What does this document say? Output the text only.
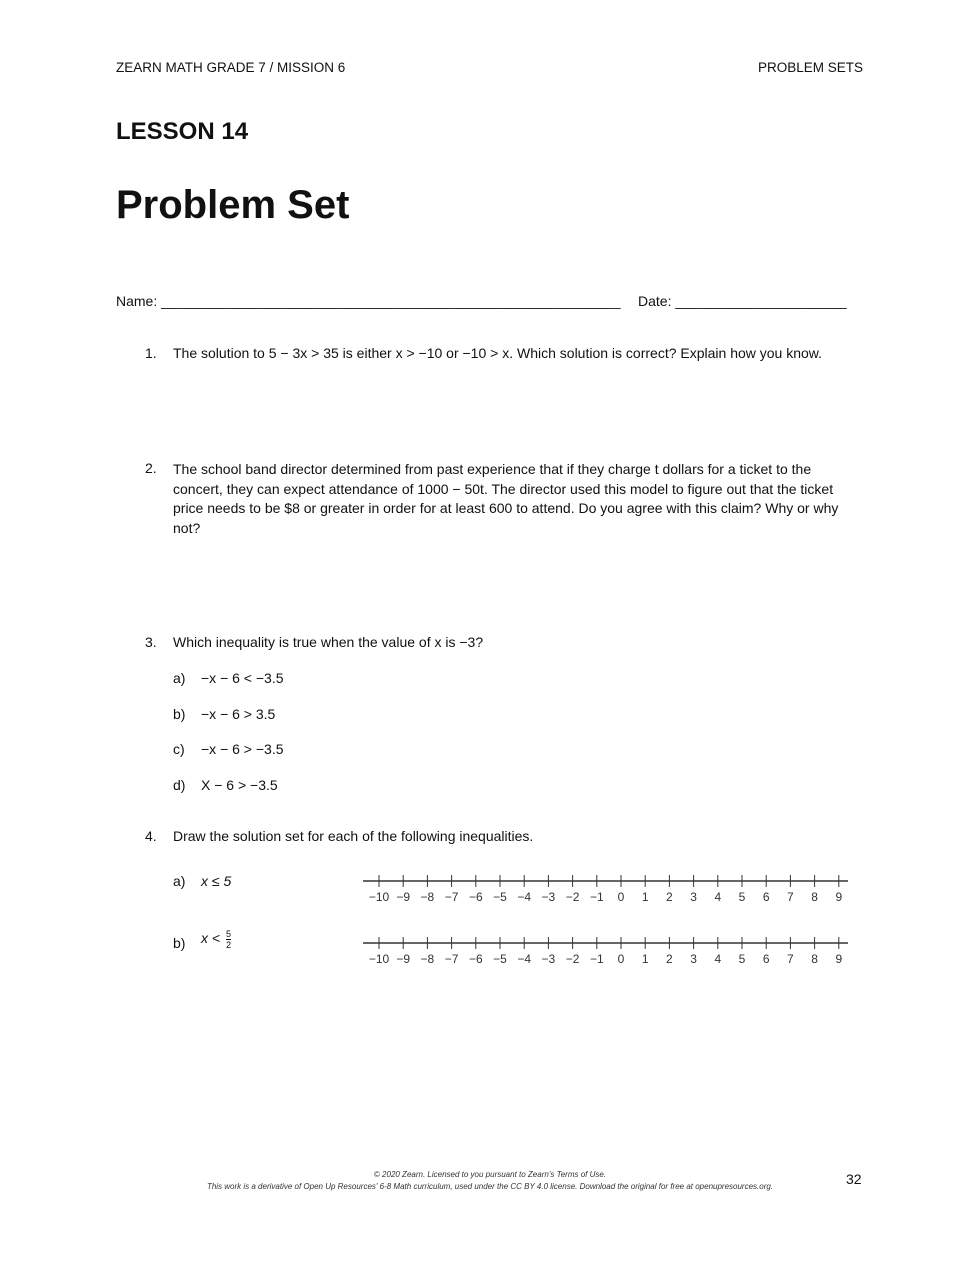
ZEARN MATH GRADE 7 / MISSION 6	PROBLEM SETS
LESSON 14
Problem Set
Name: ___________________________________________________________ Date: ______________________
1. The solution to 5 − 3x > 35 is either x > −10 or −10 > x. Which solution is correct? Explain how you know.
2. The school band director determined from past experience that if they charge t dollars for a ticket to the concert, they can expect attendance of 1000 − 50t. The director used this model to figure out that the ticket price needs to be $8 or greater in order for at least 600 to attend. Do you agree with this claim? Why or why not?
3. Which inequality is true when the value of x is −3?
a) −x − 6 < −3.5
b) −x − 6 > 3.5
c) −x − 6 > −3.5
d) X − 6 > −3.5
4. Draw the solution set for each of the following inequalities.
a) x ≤ 5
b) $x < \frac{5}{2}$
−10 −9 −8 −7 −6 −5 −4 −3 −2 −1 0 1 2 3 4 5 6 7 8 9
−10 −9 −8 −7 −6 −5 −4 −3 −2 −1 0 1 2 3 4 5 6 7 8 9
© 2020 Zearn. Licensed to you pursuant to Zearn's Terms of Use.
This work is a derivative of Open Up Resources' 6-8 Math curriculum, used under the CC BY 4.0 license. Download the original for free at openupresources.org.	32
